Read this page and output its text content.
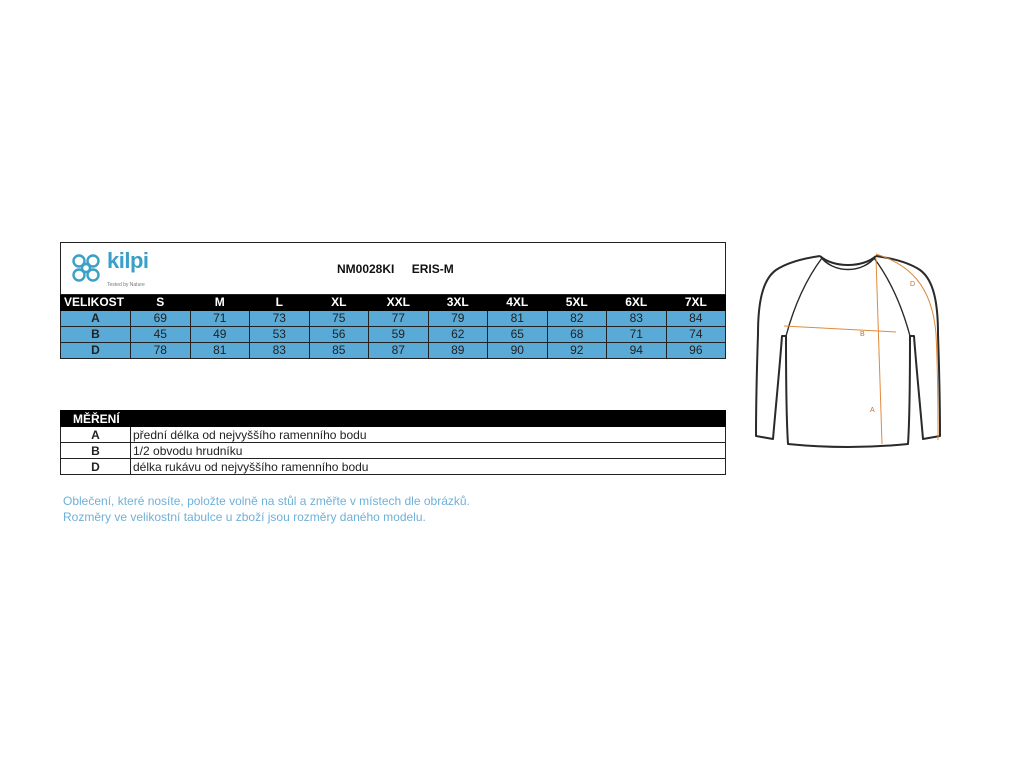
kilpi
Tested by Nature
NM0028KI ERIS-M										

VELIKOST	S	M	L	XL	XXL	3XL	4XL	5XL	6XL	7XL
A	69	71	73	75	77	79	81	82	83	84
B	45	49	53	56	59	62	65	68	71	74
D	78	81	83	85	87	89	90	92	94	96
MĚŘENÍ	
A	přední délka od nejvyššího ramenního bodu
B	1/2 obvodu hrudníku
D	délka rukávu od nejvyššího ramenního bodu
Oblečení, které nosíte, položte volně na stůl a změřte v místech dle obrázků.
Rozměry ve velikostní tabulce u zboží jsou rozměry daného modelu.
B
A
D
